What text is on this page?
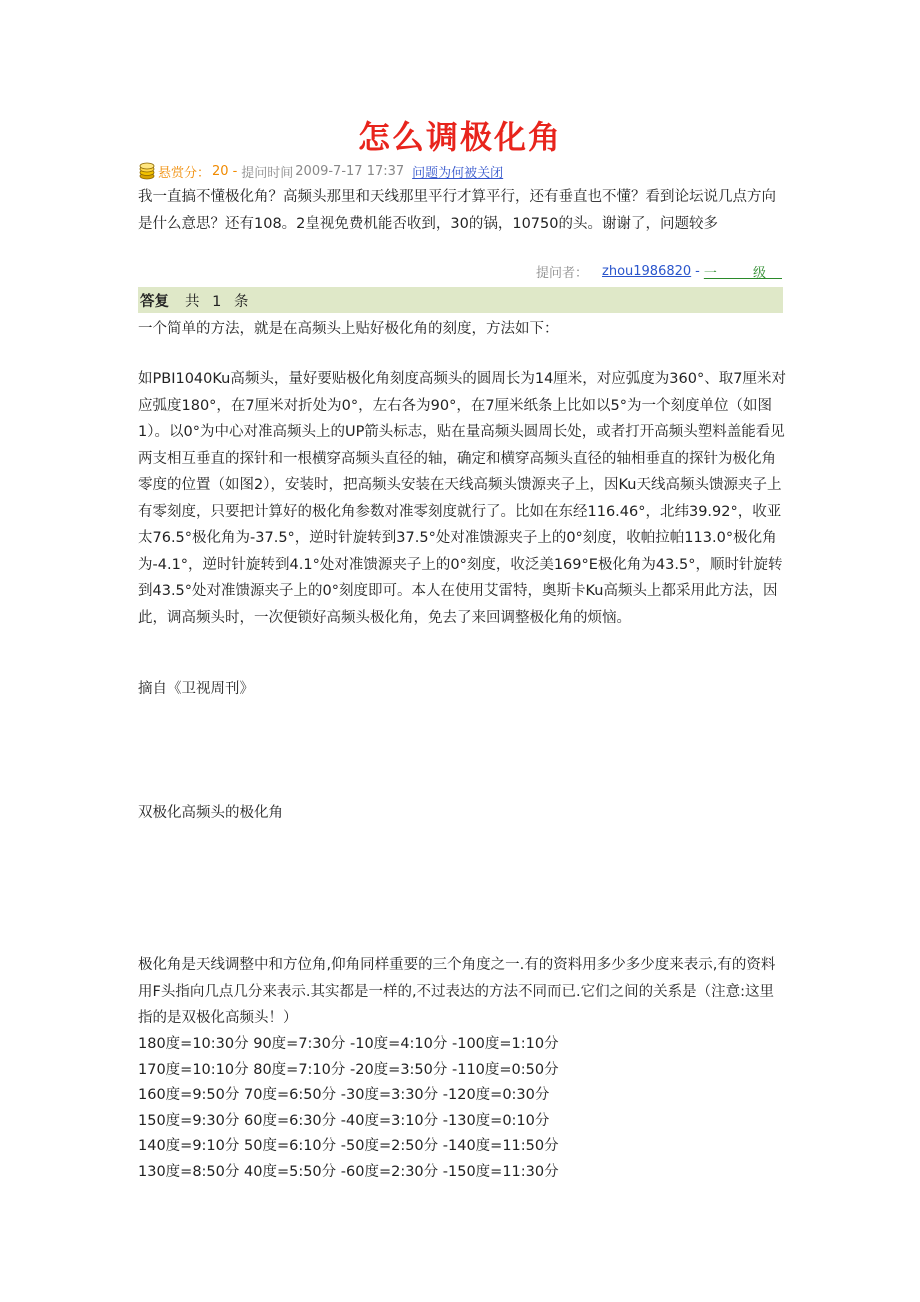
怎么调极化角
悬赏分： 20 - 提问时间 2009-7-17 17:37 问题为何被关闭

我一直搞不懂极化角？高频头那里和天线那里平行才算平行，还有垂直也不懂？看到论坛说几点方向是什么意思？还有108。2皇视免费机能否收到，30的锅，10750的头。谢谢了，问题较多

提问者： zhou1986820 - 一 级
答复 共 1 条

一个简单的方法，就是在高频头上贴好极化角的刻度，方法如下：

如PBI1040Ku高频头，量好要贴极化角刻度高频头的圆周长为14厘米，对应弧度为360°、取7厘米对应弧度180°，在7厘米对折处为0°，左右各为90°，在7厘米纸条上比如以5°为一个刻度单位（如图1）。以0°为中心对准高频头上的UP箭头标志，贴在量高频头圆周长处，或者打开高频头塑料盖能看见两支相互垂直的探针和一根横穿高频头直径的轴，确定和横穿高频头直径的轴相垂直的探针为极化角零度的位置（如图2），安装时，把高频头安装在天线高频头馈源夹子上，因Ku天线高频头馈源夹子上有零刻度，只要把计算好的极化角参数对准零刻度就行了。比如在东经116.46°，北纬39.92°，收亚太76.5°极化角为-37.5°，逆时针旋转到37.5°处对准馈源夹子上的0°刻度，收帕拉帕113.0°极化角为-4.1°，逆时针旋转到4.1°处对准馈源夹子上的0°刻度，收泛美169°E极化角为43.5°，顺时针旋转到43.5°处对准馈源夹子上的0°刻度即可。本人在使用艾雷特，奥斯卡Ku高频头上都采用此方法，因此，调高频头时，一次便锁好高频头极化角，免去了来回调整极化角的烦恼。

摘自《卫视周刊》

双极化高频头的极化角

极化角是天线调整中和方位角,仰角同样重要的三个角度之一.有的资料用多少多少度来表示,有的资料用F头指向几点几分来表示.其实都是一样的,不过表达的方法不同而已.它们之间的关系是（注意:这里指的是双极化高频头！）

180度=10:30分 90度=7:30分 -10度=4:10分 -100度=1:10分
170度=10:10分 80度=7:10分 -20度=3:50分 -110度=0:50分
160度=9:50分 70度=6:50分 -30度=3:30分 -120度=0:30分
150度=9:30分 60度=6:30分 -40度=3:10分 -130度=0:10分
140度=9:10分 50度=6:10分 -50度=2:50分 -140度=11:50分
130度=8:50分 40度=5:50分 -60度=2:30分 -150度=11:30分
